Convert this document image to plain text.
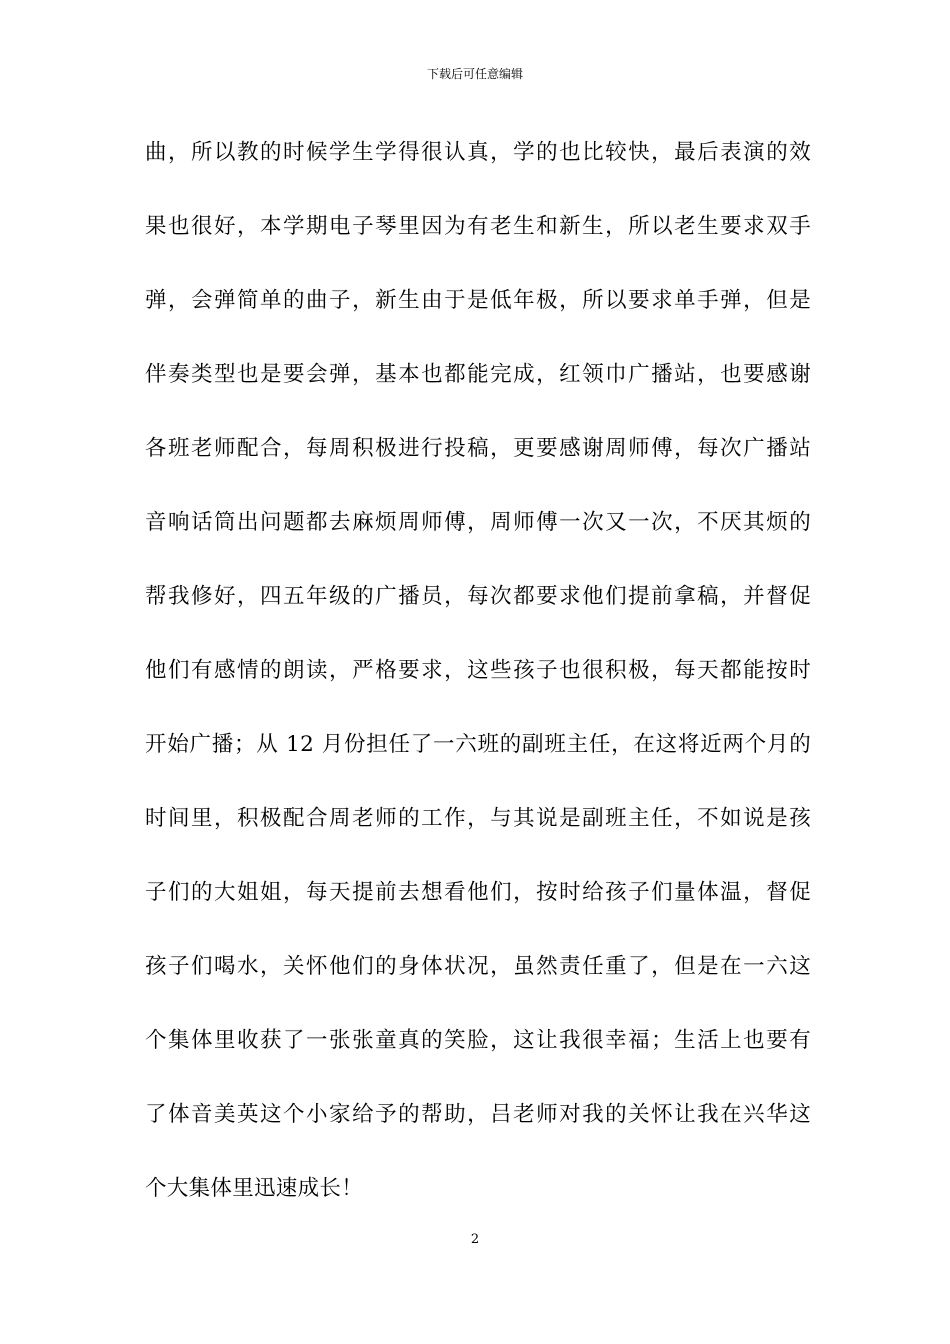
下载后可任意编辑
曲，所以教的时候学生学得很认真，学的也比较快，最后表演的效
果也很好，本学期电子琴里因为有老生和新生，所以老生要求双手
弹，会弹简单的曲子，新生由于是低年极，所以要求单手弹，但是
伴奏类型也是要会弹，基本也都能完成，红领巾广播站，也要感谢
各班老师配合，每周积极进行投稿，更要感谢周师傅，每次广播站
音响话筒出问题都去麻烦周师傅，周师傅一次又一次，不厌其烦的
帮我修好，四五年级的广播员，每次都要求他们提前拿稿，并督促
他们有感情的朗读，严格要求，这些孩子也很积极，每天都能按时
开始广播；从 12 月份担任了一六班的副班主任，在这将近两个月的
时间里，积极配合周老师的工作，与其说是副班主任，不如说是孩
子们的大姐姐，每天提前去想看他们，按时给孩子们量体温，督促
孩子们喝水，关怀他们的身体状况，虽然责任重了，但是在一六这
个集体里收获了一张张童真的笑脸，这让我很幸福；生活上也要有
了体音美英这个小家给予的帮助，吕老师对我的关怀让我在兴华这
个大集体里迅速成长！
2
